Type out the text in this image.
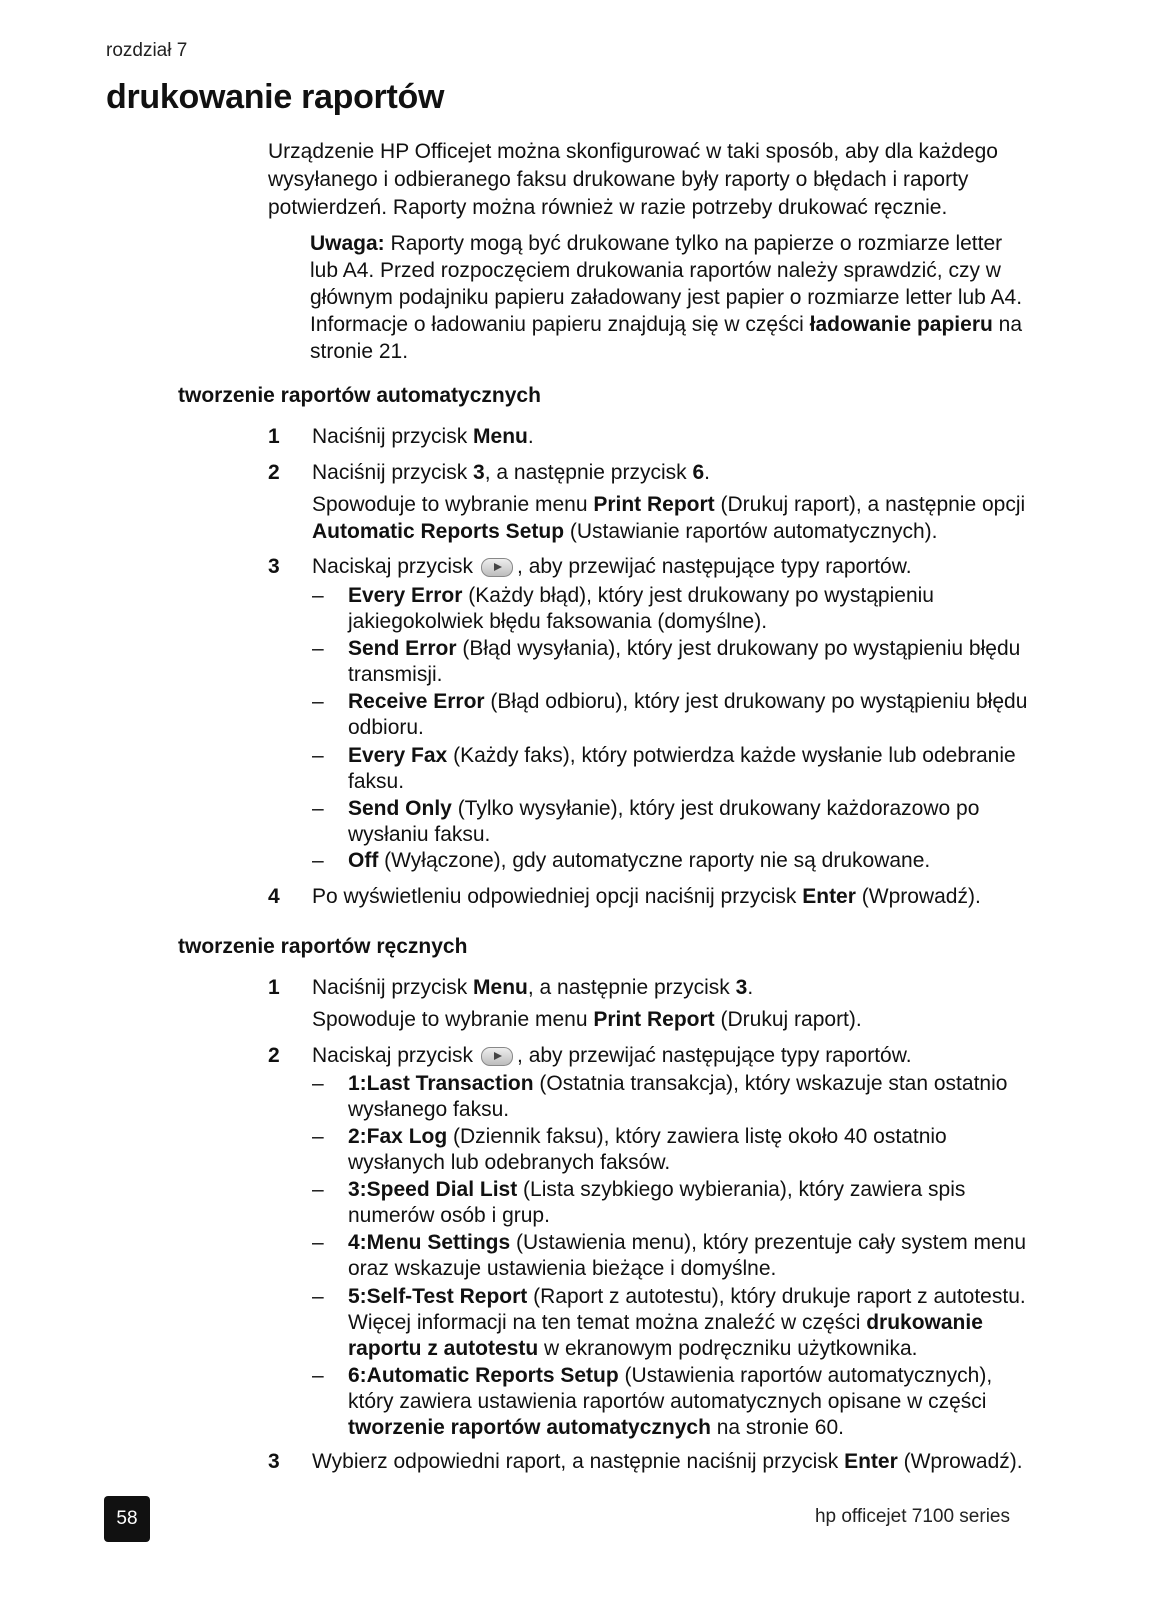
rozdział 7
drukowanie raportów

Urządzenie HP Officejet można skonfigurować w taki sposób, aby dla każdego wysyłanego i odbieranego faksu drukowane były raporty o błędach i raporty potwierdzeń. Raporty można również w razie potrzeby drukować ręcznie.

Uwaga: Raporty mogą być drukowane tylko na papierze o rozmiarze letter lub A4. Przed rozpoczęciem drukowania raportów należy sprawdzić, czy w głównym podajniku papieru załadowany jest papier o rozmiarze letter lub A4. Informacje o ładowaniu papieru znajdują się w części ładowanie papieru na stronie 21.

tworzenie raportów automatycznych
1 Naciśnij przycisk Menu.
2 Naciśnij przycisk 3, a następnie przycisk 6.
Spowoduje to wybranie menu Print Report (Drukuj raport), a następnie opcji Automatic Reports Setup (Ustawianie raportów automatycznych).
3 Naciskaj przycisk , aby przewijać następujące typy raportów.
– Every Error (Każdy błąd), który jest drukowany po wystąpieniu jakiegokolwiek błędu faksowania (domyślne).
– Send Error (Błąd wysyłania), który jest drukowany po wystąpieniu błędu transmisji.
– Receive Error (Błąd odbioru), który jest drukowany po wystąpieniu błędu odbioru.
– Every Fax (Każdy faks), który potwierdza każde wysłanie lub odebranie faksu.
– Send Only (Tylko wysyłanie), który jest drukowany każdorazowo po wysłaniu faksu.
– Off (Wyłączone), gdy automatyczne raporty nie są drukowane.
4 Po wyświetleniu odpowiedniej opcji naciśnij przycisk Enter (Wprowadź).
tworzenie raportów ręcznych
1 Naciśnij przycisk Menu, a następnie przycisk 3.
Spowoduje to wybranie menu Print Report (Drukuj raport).
2 Naciskaj przycisk , aby przewijać następujące typy raportów.
– 1:Last Transaction (Ostatnia transakcja), który wskazuje stan ostatnio wysłanego faksu.
– 2:Fax Log (Dziennik faksu), który zawiera listę około 40 ostatnio wysłanych lub odebranych faksów.
– 3:Speed Dial List (Lista szybkiego wybierania), który zawiera spis numerów osób i grup.
– 4:Menu Settings (Ustawienia menu), który prezentuje cały system menu oraz wskazuje ustawienia bieżące i domyślne.
– 5:Self-Test Report (Raport z autotestu), który drukuje raport z autotestu. Więcej informacji na ten temat można znaleźć w części drukowanie raportu z autotestu w ekranowym podręczniku użytkownika.
– 6:Automatic Reports Setup (Ustawienia raportów automatycznych), który zawiera ustawienia raportów automatycznych opisane w części tworzenie raportów automatycznych na stronie 60.
3 Wybierz odpowiedni raport, a następnie naciśnij przycisk Enter (Wprowadź).
58	hp officejet 7100 series
